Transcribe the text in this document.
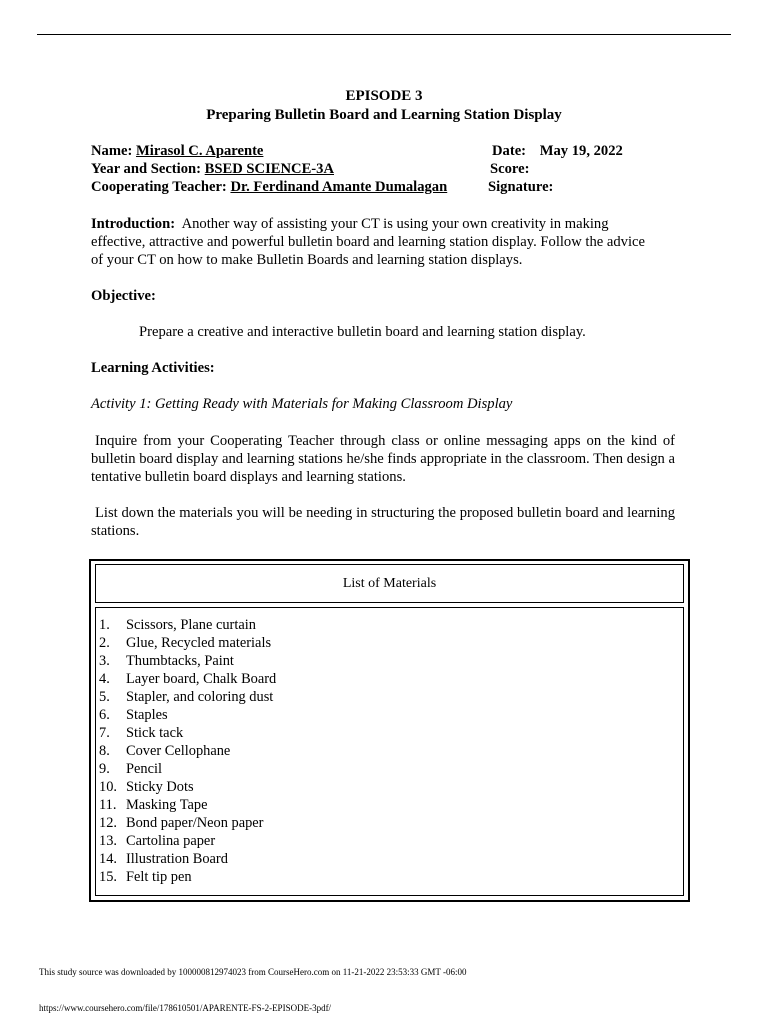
EPISODE 3
Preparing Bulletin Board and Learning Station Display
Name: Mirasol C. Aparente	Date: May 19, 2022
Year and Section: BSED SCIENCE-3A	Score:
Cooperating Teacher: Dr. Ferdinand Amante Dumalagan	Signature:
Introduction: Another way of assisting your CT is using your own creativity in making effective, attractive and powerful bulletin board and learning station display. Follow the advice of your CT on how to make Bulletin Boards and learning station displays.
Objective:
Prepare a creative and interactive bulletin board and learning station display.
Learning Activities:
Activity 1: Getting Ready with Materials for Making Classroom Display
Inquire from your Cooperating Teacher through class or online messaging apps on the kind of bulletin board display and learning stations he/she finds appropriate in the classroom. Then design a tentative bulletin board displays and learning stations.
List down the materials you will be needing in structuring the proposed bulletin board and learning stations.
List of Materials
1. Scissors, Plane curtain
2. Glue, Recycled materials
3. Thumbtacks, Paint
4. Layer board, Chalk Board
5. Stapler, and coloring dust
6. Staples
7. Stick tack
8. Cover Cellophane
9. Pencil
10. Sticky Dots
11. Masking Tape
12. Bond paper/Neon paper
13. Cartolina paper
14. Illustration Board
15. Felt tip pen
This study source was downloaded by 100000812974023 from CourseHero.com on 11-21-2022 23:53:33 GMT -06:00
https://www.coursehero.com/file/178610501/APARENTE-FS-2-EPISODE-3pdf/
